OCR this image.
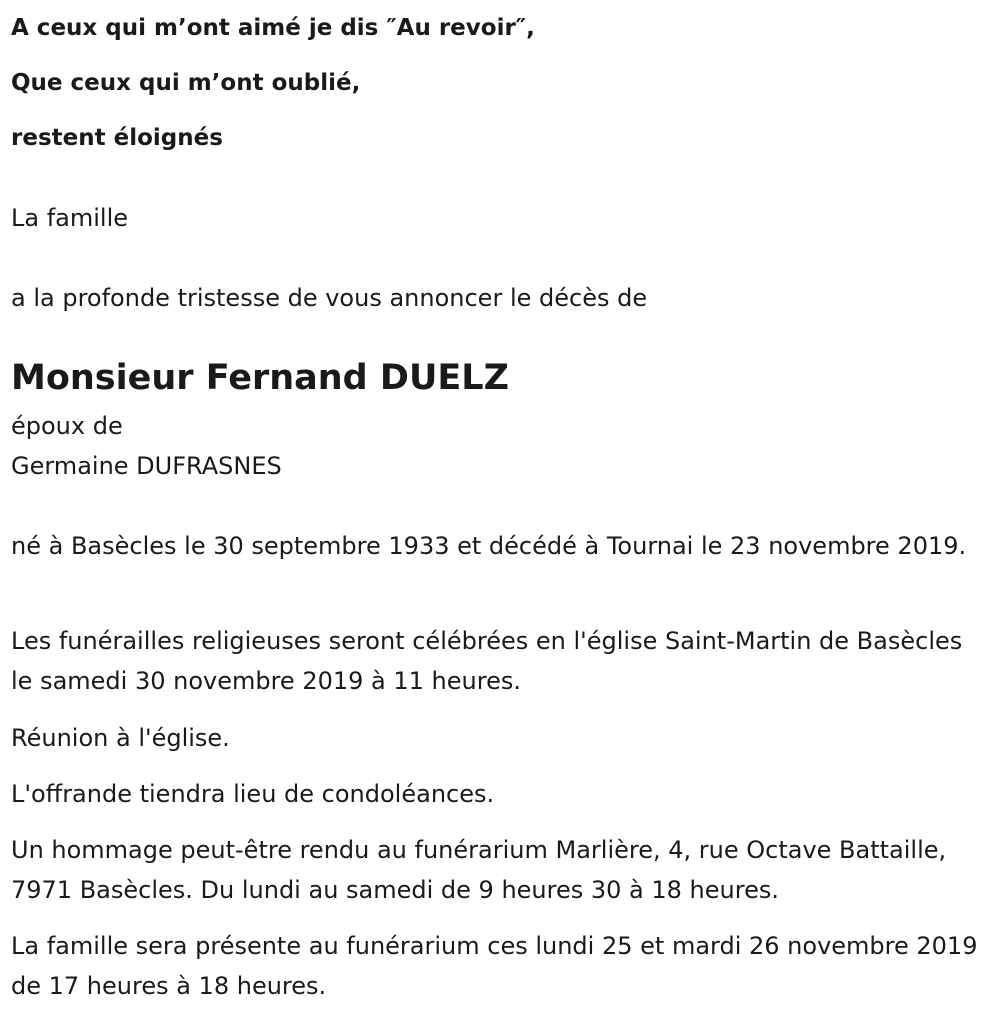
A ceux qui m’ont aimé je dis ″Au revoir″,
Que ceux qui m’ont oublié,
restent éloignés
La famille
a la profonde tristesse de vous annoncer le décès de
Monsieur Fernand DUELZ
époux de
Germaine DUFRASNES
né à Basècles le 30 septembre 1933 et décédé à Tournai le 23 novembre 2019.
Les funérailles religieuses seront célébrées en l'église Saint-Martin de Basècles le samedi 30 novembre 2019 à 11 heures.
Réunion à l'église.
L'offrande tiendra lieu de condoléances.
Un hommage peut-être rendu au funérarium Marlière, 4, rue Octave Battaille, 7971 Basècles. Du lundi au samedi de 9 heures 30 à 18 heures.
La famille sera présente au funérarium ces lundi 25 et mardi 26 novembre 2019 de 17 heures à 18 heures.
